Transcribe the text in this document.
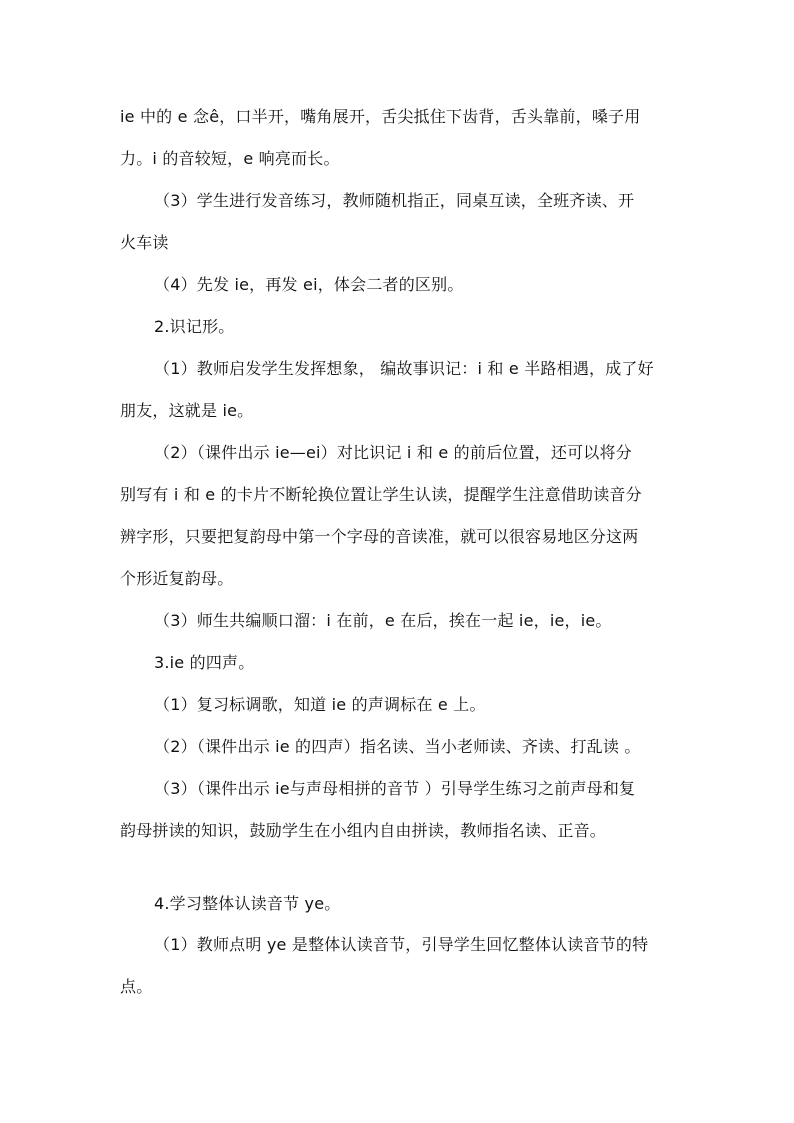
ie 中的 e 念ê，口半开，嘴角展开，舌尖抵住下齿背，舌头靠前，嗓子用
力。i 的音较短，e 响亮而长。
（3）学生进行发音练习，教师随机指正，同桌互读，全班齐读、开
火车读
（4）先发 ie，再发 ei，体会二者的区别。
2.识记形。
（1）教师启发学生发挥想象， 编故事识记：i 和 e 半路相遇，成了好
朋友，这就是 ie。
（2）（课件出示 ie—ei）对比识记 i 和 e 的前后位置，还可以将分
别写有 i 和 e 的卡片不断轮换位置让学生认读，提醒学生注意借助读音分
辨字形，只要把复韵母中第一个字母的音读准，就可以很容易地区分这两
个形近复韵母。
（3）师生共编顺口溜：i 在前，e 在后，挨在一起 ie，ie，ie。
3.ie 的四声。
（1）复习标调歌，知道 ie 的声调标在 e 上。
（2）（课件出示 ie 的四声）指名读、当小老师读、齐读、打乱读 。
（3）（课件出示 ie与声母相拼的音节 ）引导学生练习之前声母和复
韵母拼读的知识，鼓励学生在小组内自由拼读，教师指名读、正音。
4.学习整体认读音节 ye。
（1）教师点明 ye 是整体认读音节，引导学生回忆整体认读音节的特
点。
